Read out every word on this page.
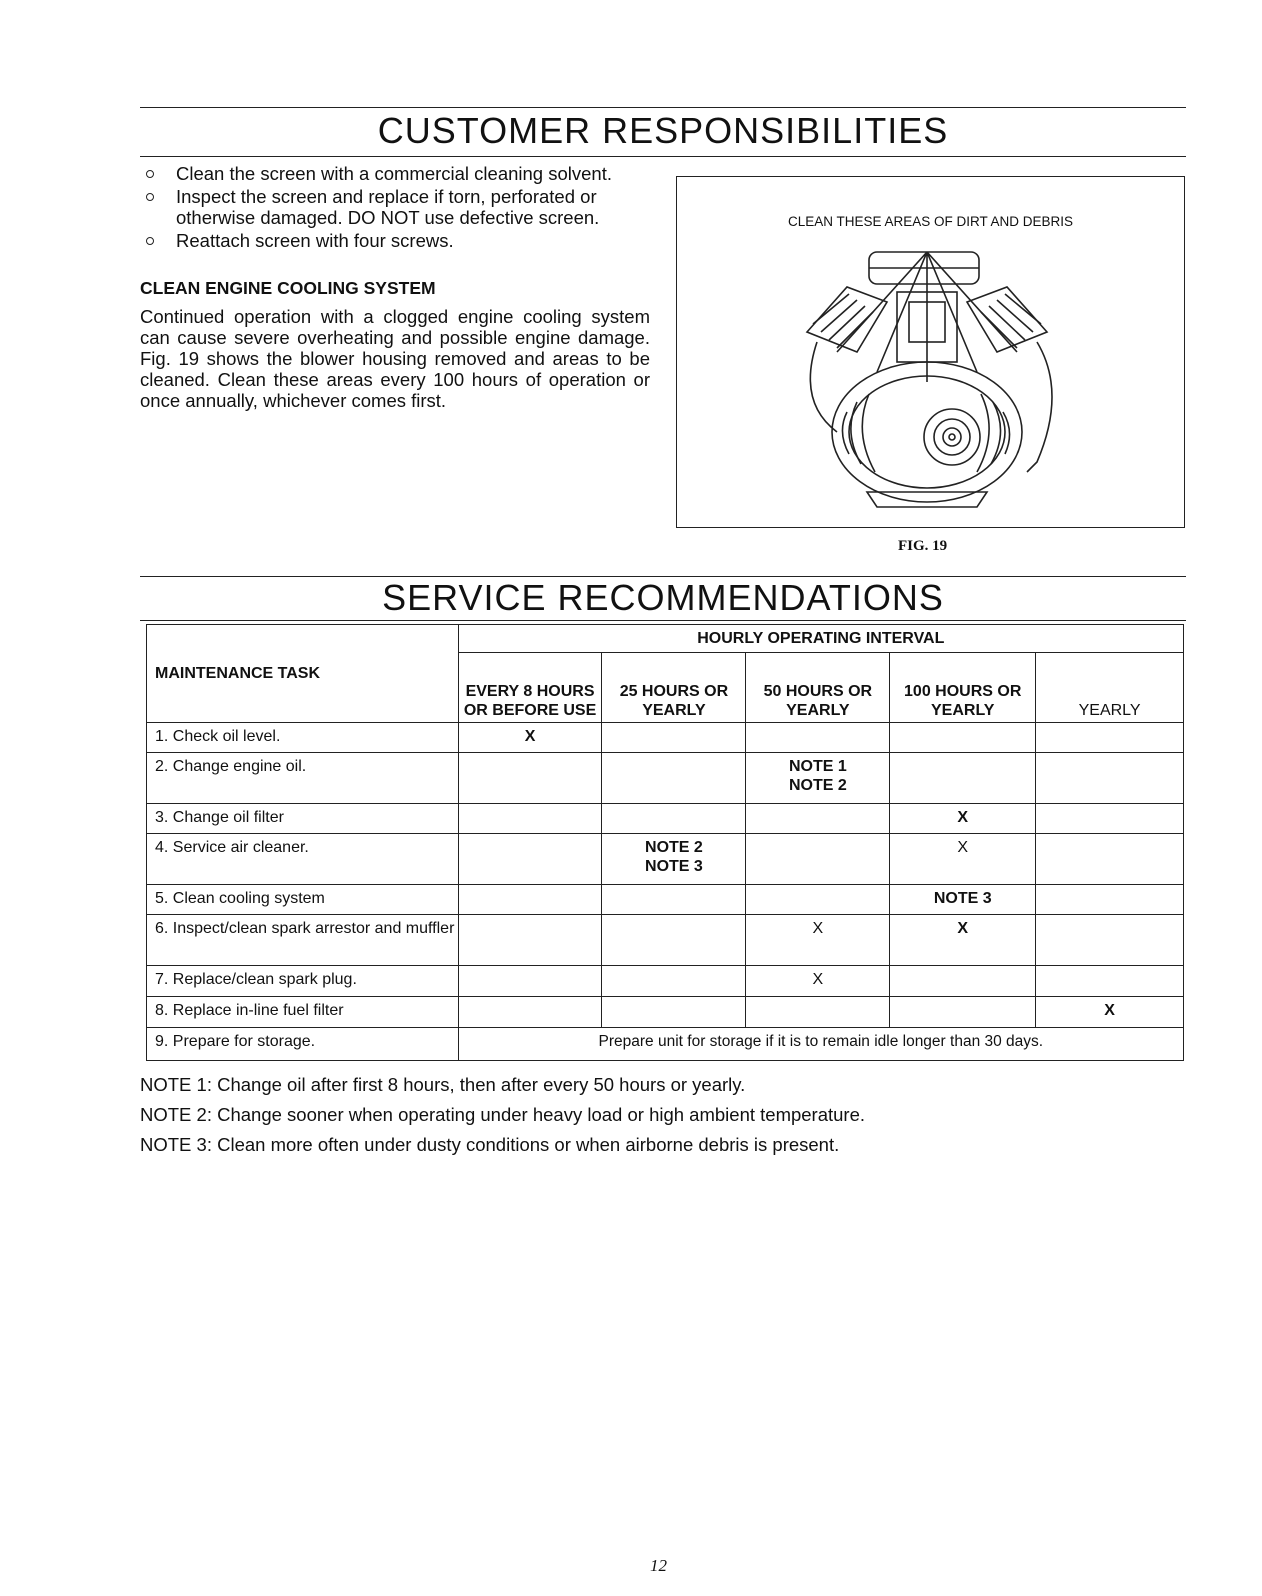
CUSTOMER RESPONSIBILITIES
Clean the screen with a commercial cleaning solvent.
Inspect the screen and replace if torn, perforated or otherwise damaged. DO NOT use defective screen.
Reattach screen with four screws.
CLEAN ENGINE COOLING SYSTEM

Continued operation with a clogged engine cooling system can cause severe overheating and possible engine damage. Fig. 19 shows the blower housing removed and areas to be cleaned. Clean these areas every 100 hours of operation or once annually, whichever comes first.

CLEAN THESE AREAS OF DIRT AND DEBRIS
FIG. 19
SERVICE RECOMMENDATIONS
MAINTENANCE TASK	HOURLY OPERATING INTERVAL				
	EVERY 8 HOURS OR BEFORE USE	25 HOURS OR YEARLY	50 HOURS OR YEARLY	100 HOURS OR YEARLY	YEARLY
1. Check oil level.	X				
2. Change engine oil.			NOTE 1 NOTE 2		
3. Change oil filter				X	
4. Service air cleaner.		NOTE 2 NOTE 3		X	
5. Clean cooling system				NOTE 3	
6. Inspect/clean spark arrestor and muffler			X	X	
7. Replace/clean spark plug.			X		
8. Replace in-line fuel filter					X
9. Prepare for storage.	Prepare unit for storage if it is to remain idle longer than 30 days.				
NOTE 1: Change oil after first 8 hours, then after every 50 hours or yearly.
NOTE 2: Change sooner when operating under heavy load or high ambient temperature.
NOTE 3: Clean more often under dusty conditions or when airborne debris is present.
12
